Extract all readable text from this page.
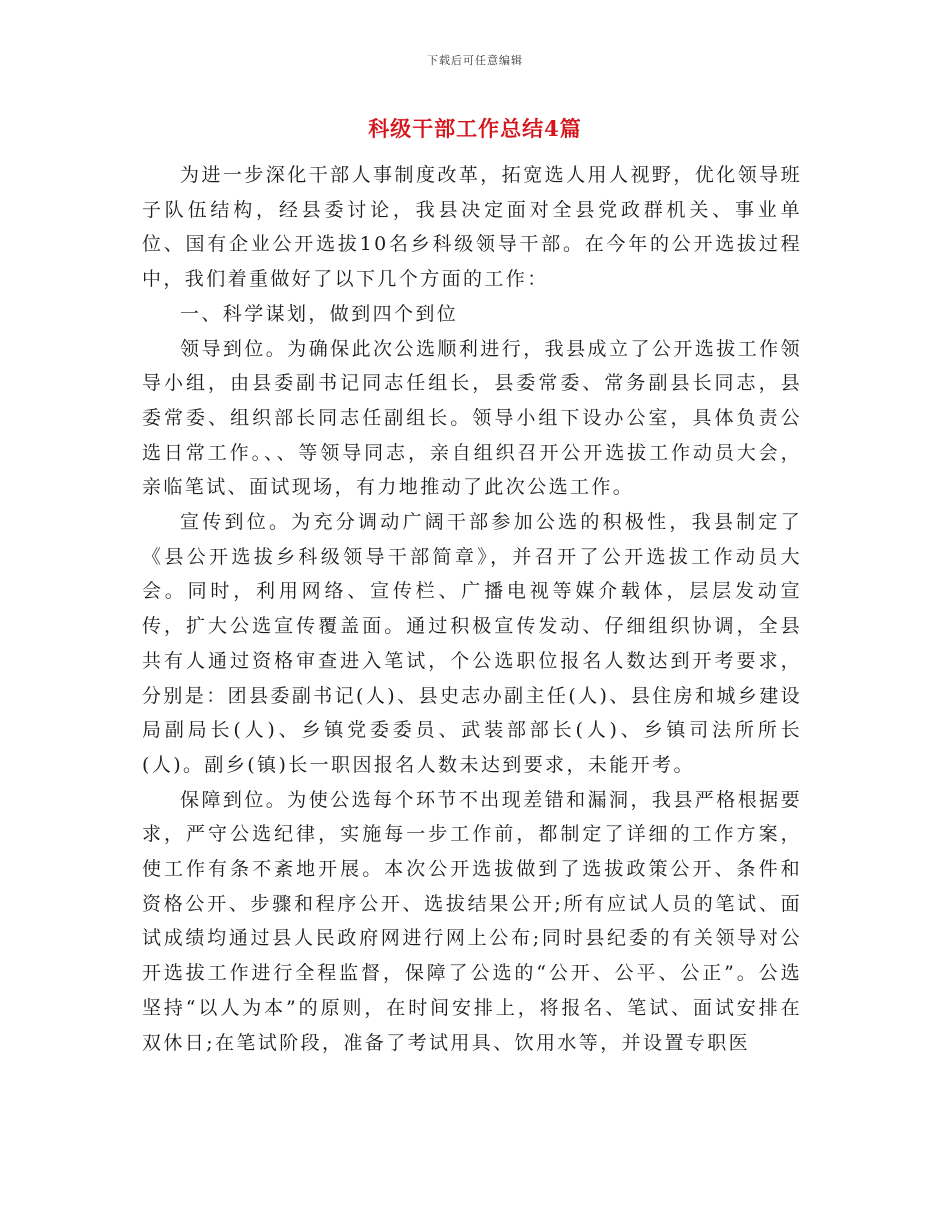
下载后可任意编辑
科级干部工作总结4篇

为进一步深化干部人事制度改革，拓宽选人用人视野，优化领导班子队伍结构，经县委讨论，我县决定面对全县党政群机关、事业单位、国有企业公开选拔10名乡科级领导干部。在今年的公开选拔过程中，我们着重做好了以下几个方面的工作：

一、科学谋划，做到四个到位

领导到位。为确保此次公选顺利进行，我县成立了公开选拔工作领导小组，由县委副书记同志任组长，县委常委、常务副县长同志，县委常委、组织部长同志任副组长。领导小组下设办公室，具体负责公选日常工作。、、等领导同志，亲自组织召开公开选拔工作动员大会，亲临笔试、面试现场，有力地推动了此次公选工作。

宣传到位。为充分调动广阔干部参加公选的积极性，我县制定了《县公开选拔乡科级领导干部简章》，并召开了公开选拔工作动员大会。同时，利用网络、宣传栏、广播电视等媒介载体，层层发动宣传，扩大公选宣传覆盖面。通过积极宣传发动、仔细组织协调，全县共有人通过资格审查进入笔试，个公选职位报名人数达到开考要求，分别是：团县委副书记(人)、县史志办副主任(人)、县住房和城乡建设局副局长(人)、乡镇党委委员、武装部部长(人)、乡镇司法所所长(人)。副乡(镇)长一职因报名人数未达到要求，未能开考。

保障到位。为使公选每个环节不出现差错和漏洞，我县严格根据要求，严守公选纪律，实施每一步工作前，都制定了详细的工作方案，使工作有条不紊地开展。本次公开选拔做到了选拔政策公开、条件和资格公开、步骤和程序公开、选拔结果公开;所有应试人员的笔试、面试成绩均通过县人民政府网进行网上公布;同时县纪委的有关领导对公开选拔工作进行全程监督，保障了公选的“公开、公平、公正”。公选坚持“以人为本”的原则，在时间安排上，将报名、笔试、面试安排在双休日;在笔试阶段，准备了考试用具、饮用水等，并设置专职医
